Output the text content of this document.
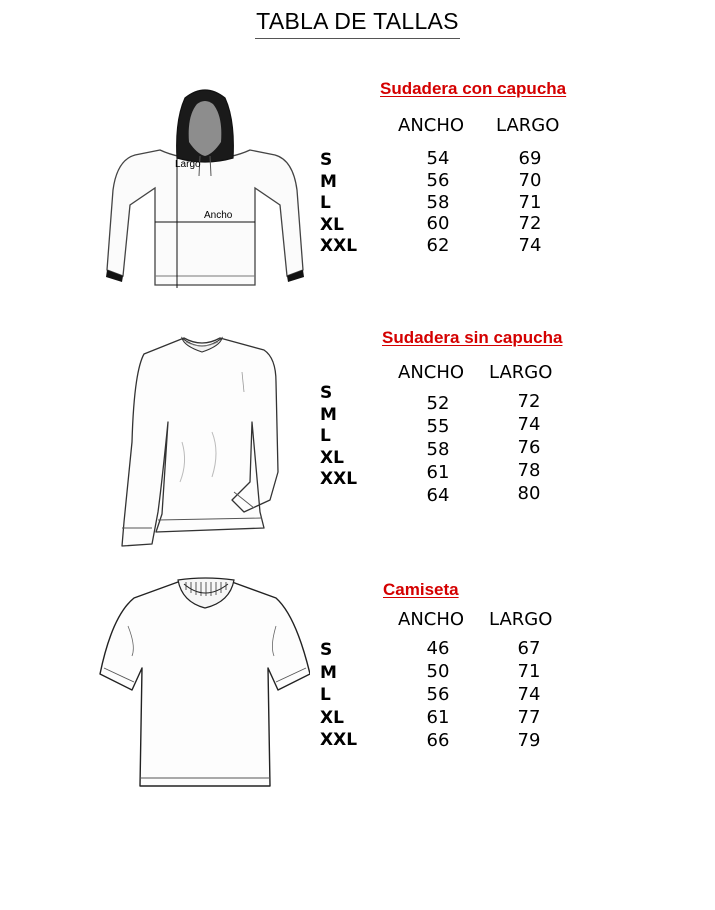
TABLA DE TALLAS
Largo
Ancho
Sudadera con capucha
ANCHO LARGO
S
M
L
XL
XXL
54
56
58
60
62
69
70
71
72
74
Sudadera sin capucha
ANCHO LARGO
S
M
L
XL
XXL
52
55
58
61
64
72
74
76
78
80
Camiseta
ANCHO LARGO
S
M
L
XL
XXL
46
50
56
61
66
67
71
74
77
79
